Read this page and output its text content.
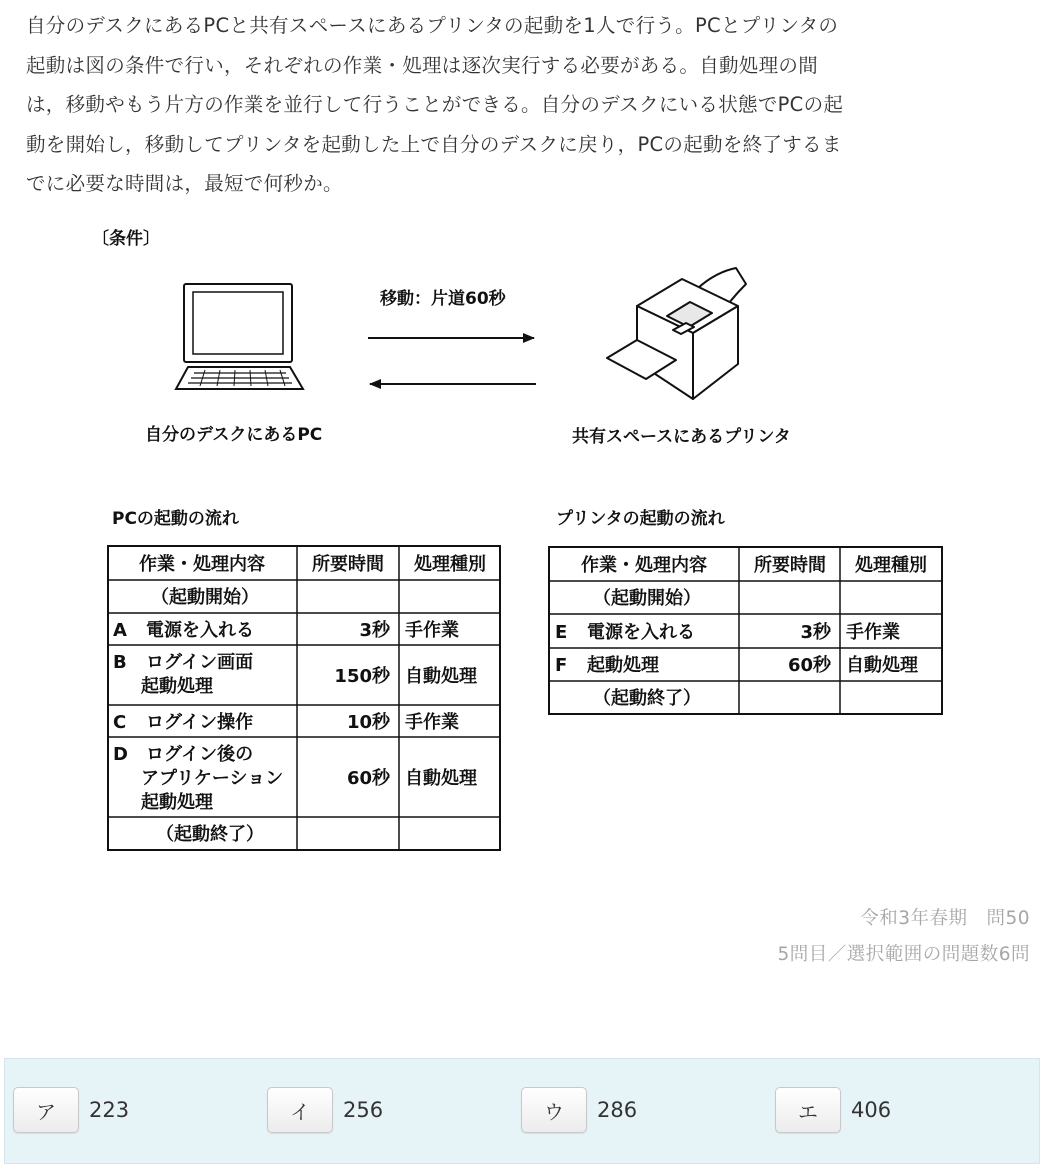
自分のデスクにあるPCと共有スペースにあるプリンタの起動を1人で行う。PCとプリンタの
起動は図の条件で行い，それぞれの作業・処理は逐次実行する必要がある。自動処理の間
は，移動やもう片方の作業を並行して行うことができる。自分のデスクにいる状態でPCの起
動を開始し，移動してプリンタを起動した上で自分のデスクに戻り，PCの起動を終了するま
でに必要な時間は，最短で何秒か。

〔条件〕
移動：片道60秒
自分のデスクにあるPC	共有スペースにあるプリンタ
PCの起動の流れ
作業・処理内容	所要時間 処理種別
（起動開始）
A 電源を入れる	3秒 手作業
B ログイン画面
起動処理	150秒 自動処理
C ログイン操作	10秒 手作業
D ログイン後の
アプリケーション
起動処理
60秒 自動処理
（起動終了）
プリンタの起動の流れ
作業・処理内容	所要時間 処理種別
（起動開始）
E 電源を入れる	3秒 手作業
F 起動処理	60秒 自動処理
（起動終了）
令和3年春期　問50
5問目／選択範囲の問題数6問
ア	223	イ	256	ウ	286	エ	406
